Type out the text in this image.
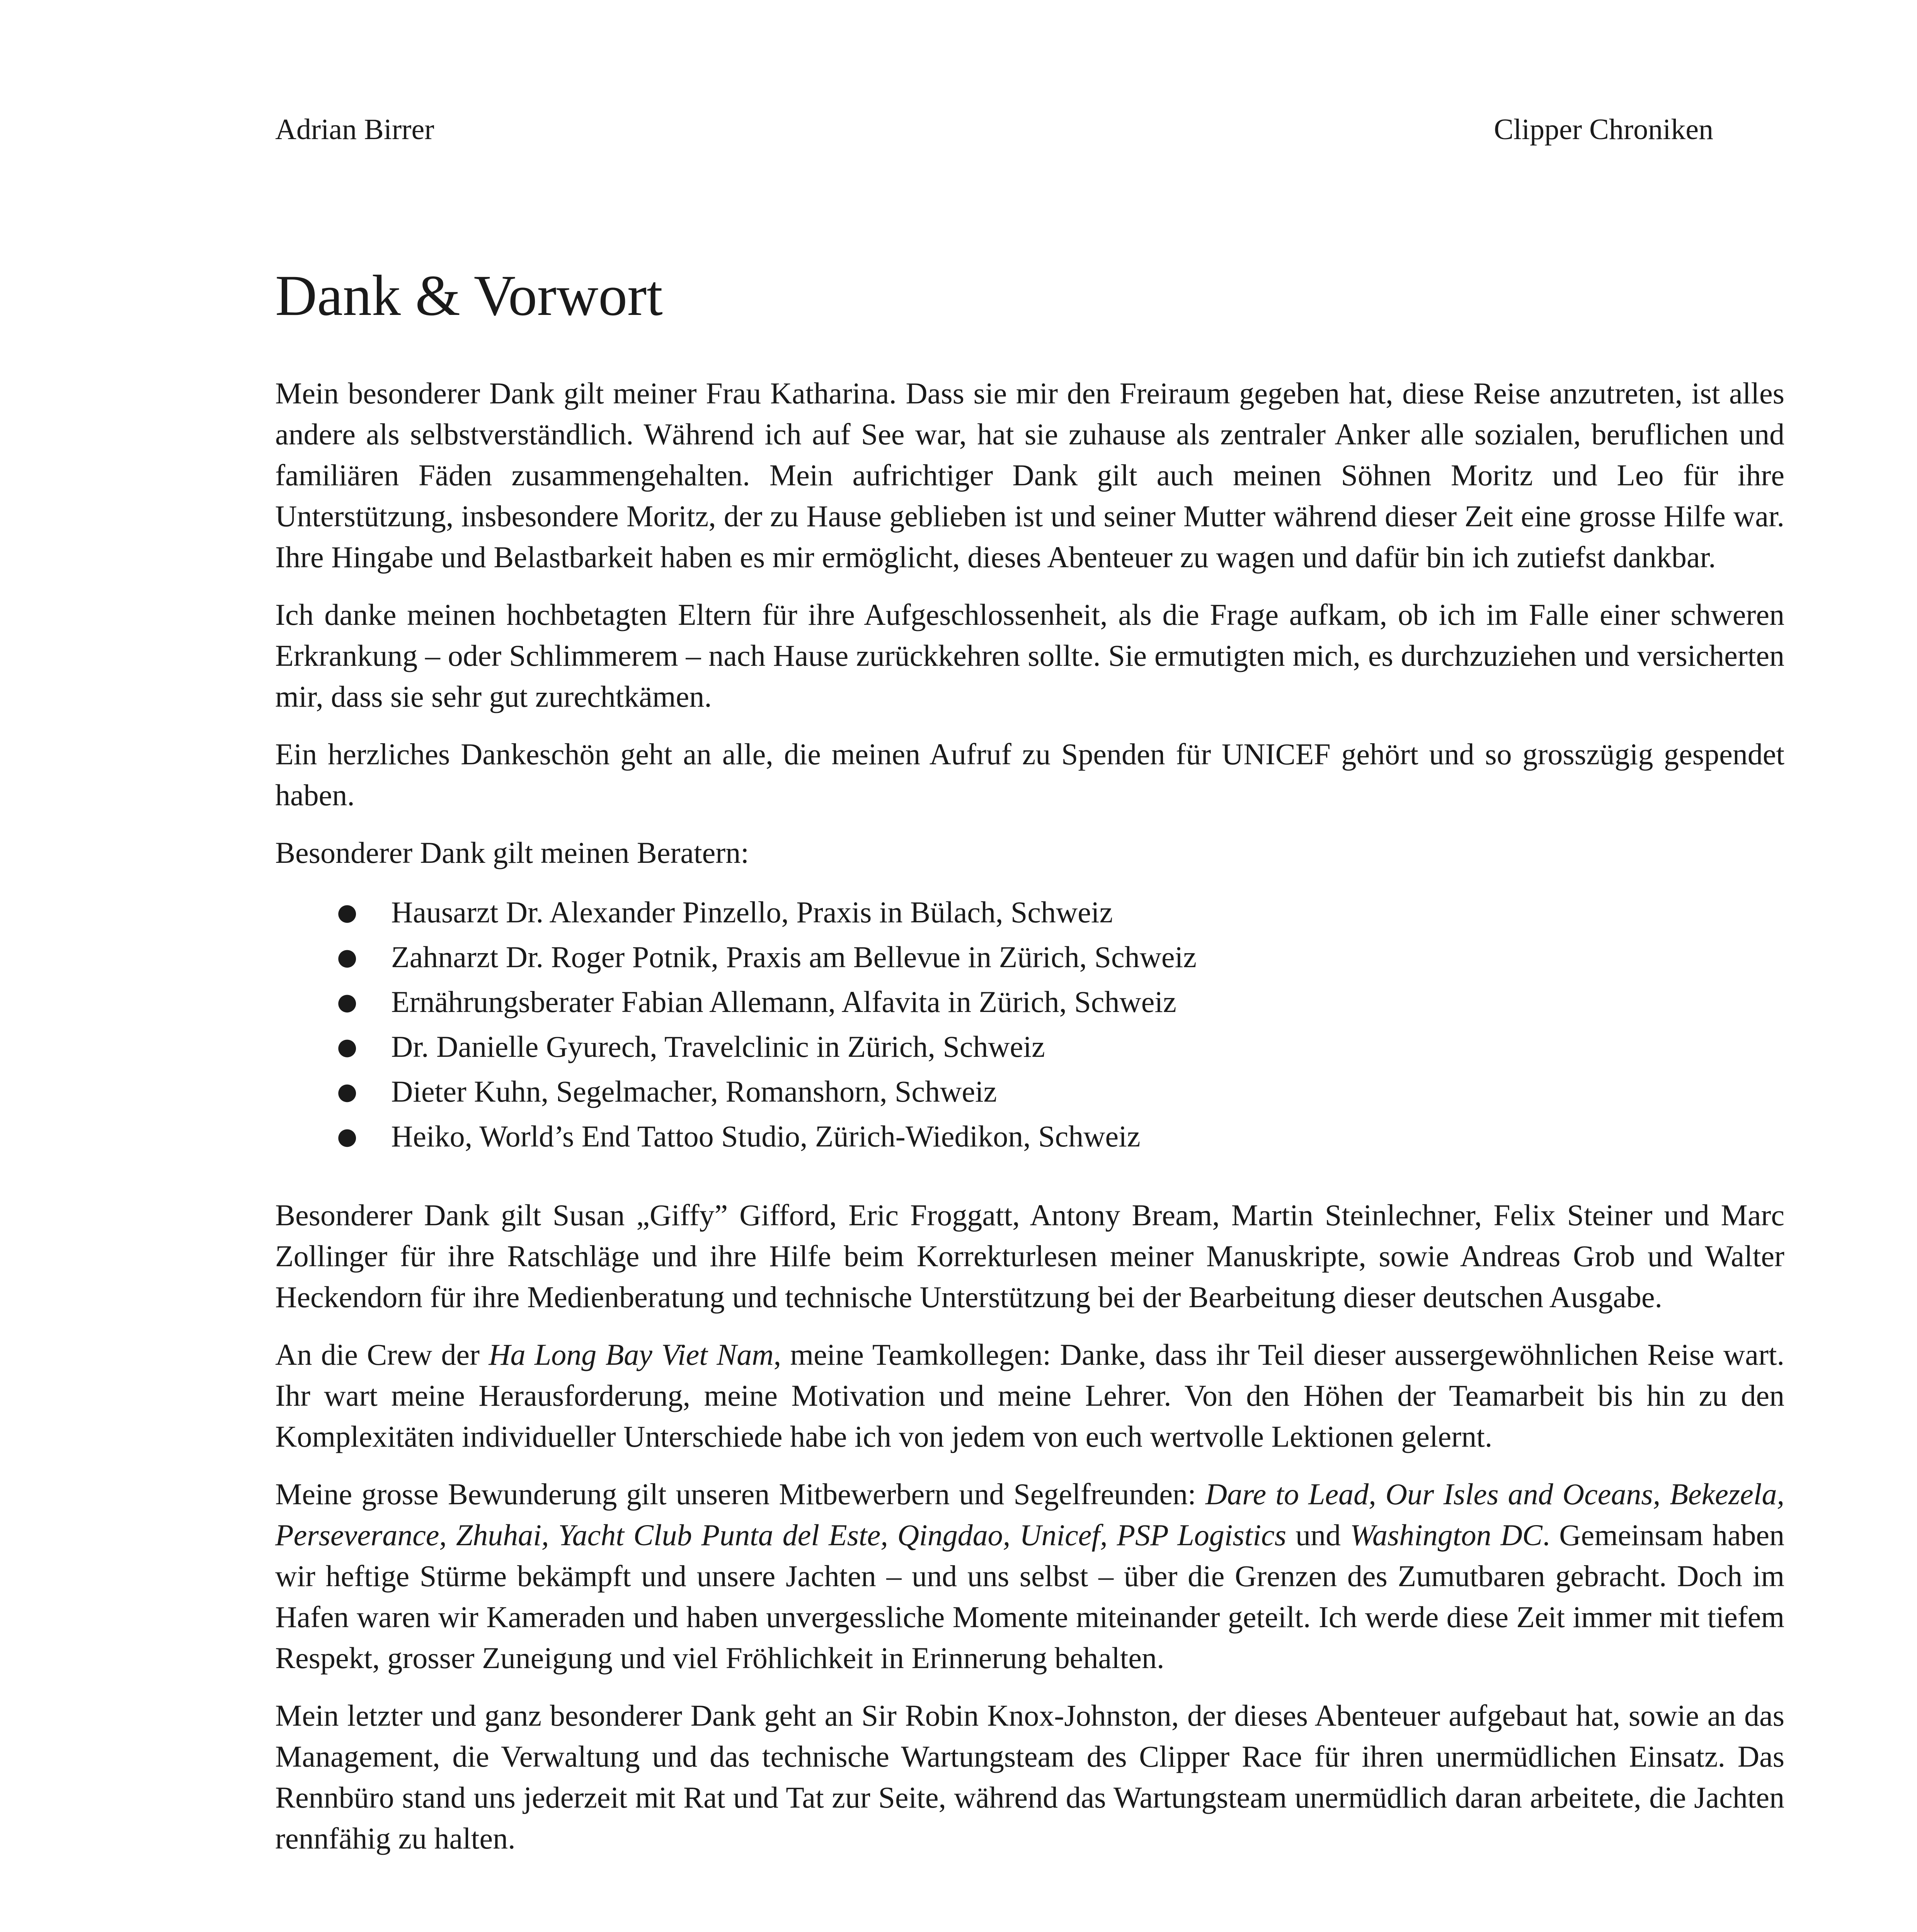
Adrian Birrer	Clipper Chroniken
Dank & Vorwort

Mein besonderer Dank gilt meiner Frau Katharina. Dass sie mir den Freiraum gegeben hat, diese Reise anzutreten, ist alles andere als selbstverständlich. Während ich auf See war, hat sie zuhause als zentraler Anker alle sozialen, beruflichen und familiären Fäden zusammengehalten. Mein aufrichtiger Dank gilt auch meinen Söhnen Moritz und Leo für ihre Unterstützung, insbesondere Moritz, der zu Hause geblieben ist und seiner Mutter während dieser Zeit eine grosse Hilfe war. Ihre Hingabe und Belastbarkeit haben es mir ermöglicht, dieses Abenteuer zu wagen und dafür bin ich zutiefst dankbar.

Ich danke meinen hochbetagten Eltern für ihre Aufgeschlossenheit, als die Frage aufkam, ob ich im Falle einer schweren Erkrankung – oder Schlimmerem – nach Hause zurückkehren sollte. Sie ermutigten mich, es durchzuziehen und versicherten mir, dass sie sehr gut zurechtkämen.

Ein herzliches Dankeschön geht an alle, die meinen Aufruf zu Spenden für UNICEF gehört und so grosszügig gespendet haben.

Besonderer Dank gilt meinen Beratern:

● Hausarzt Dr. Alexander Pinzello, Praxis in Bülach, Schweiz
● Zahnarzt Dr. Roger Potnik, Praxis am Bellevue in Zürich, Schweiz
● Ernährungsberater Fabian Allemann, Alfavita in Zürich, Schweiz
● Dr. Danielle Gyurech, Travelclinic in Zürich, Schweiz
● Dieter Kuhn, Segelmacher, Romanshorn, Schweiz
● Heiko, World’s End Tattoo Studio, Zürich-Wiedikon, Schweiz

Besonderer Dank gilt Susan „Giffy” Gifford, Eric Froggatt, Antony Bream, Martin Steinlechner, Felix Steiner und Marc Zollinger für ihre Ratschläge und ihre Hilfe beim Korrekturlesen meiner Manuskripte, sowie Andreas Grob und Walter Heckendorn für ihre Medienberatung und technische Unterstützung bei der Bearbeitung dieser deutschen Ausgabe.

An die Crew der Ha Long Bay Viet Nam, meine Teamkollegen: Danke, dass ihr Teil dieser aussergewöhnlichen Reise wart. Ihr wart meine Herausforderung, meine Motivation und meine Lehrer. Von den Höhen der Teamarbeit bis hin zu den Komplexitäten individueller Unterschiede habe ich von jedem von euch wertvolle Lektionen gelernt.

Meine grosse Bewunderung gilt unseren Mitbewerbern und Segelfreunden: Dare to Lead, Our Isles and Oceans, Bekezela, Perseverance, Zhuhai, Yacht Club Punta del Este, Qingdao, Unicef, PSP Logistics und Washington DC. Gemeinsam haben wir heftige Stürme bekämpft und unsere Jachten – und uns selbst – über die Grenzen des Zumutbaren gebracht. Doch im Hafen waren wir Kameraden und haben unvergessliche Momente miteinander geteilt. Ich werde diese Zeit immer mit tiefem Respekt, grosser Zuneigung und viel Fröhlichkeit in Erinnerung behalten.

Mein letzter und ganz besonderer Dank geht an Sir Robin Knox-Johnston, der dieses Abenteuer aufgebaut hat, sowie an das Management, die Verwaltung und das technische Wartungsteam des Clipper Race für ihren unermüdlichen Einsatz. Das Rennbüro stand uns jederzeit mit Rat und Tat zur Seite, während das Wartungsteam unermüdlich daran arbeitete, die Jachten rennfähig zu halten.
